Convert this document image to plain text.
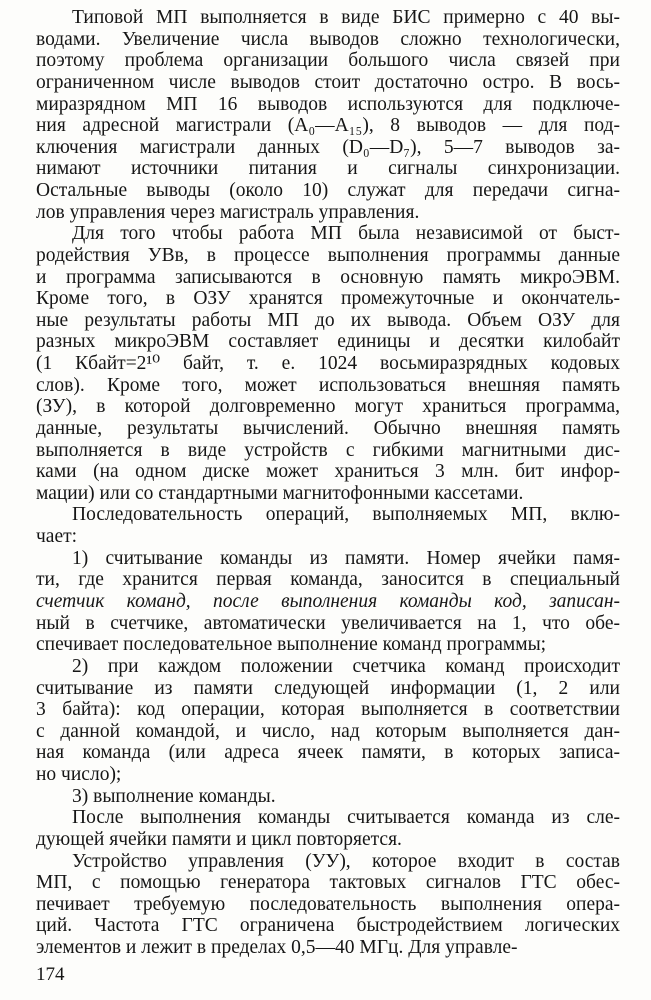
Типовой МП выполняется в виде БИС примерно с 40 вы-
водами. Увеличение числа выводов сложно технологически,
поэтому проблема организации большого числа связей при
ограниченном числе выводов стоит достаточно остро. В вось-
миразрядном МП 16 выводов используются для подключе-
ния адресной магистрали (A₀—A₁₅), 8 выводов — для под-
ключения магистрали данных (D₀—D₇), 5—7 выводов за-
нимают источники питания и сигналы синхронизации.
Остальные выводы (около 10) служат для передачи сигна-
лов управления через магистраль управления.
Для того чтобы работа МП была независимой от быст-
родействия УВв, в процессе выполнения программы данные
и программа записываются в основную память микроЭВМ.
Кроме того, в ОЗУ хранятся промежуточные и окончатель-
ные результаты работы МП до их вывода. Объем ОЗУ для
разных микроЭВМ составляет единицы и десятки килобайт
(1 Кбайт=2¹⁰ байт, т. е. 1024 восьмиразрядных кодовых
слов). Кроме того, может использоваться внешняя память
(ЗУ), в которой долговременно могут храниться программа,
данные, результаты вычислений. Обычно внешняя память
выполняется в виде устройств с гибкими магнитными дис-
ками (на одном диске может храниться 3 млн. бит инфор-
мации) или со стандартными магнитофонными кассетами.
Последовательность операций, выполняемых МП, вклю-
чает:
1) считывание команды из памяти. Номер ячейки памя-
ти, где хранится первая команда, заносится в специальный
счетчик команд, после выполнения команды код, записан-
ный в счетчике, автоматически увеличивается на 1, что обе-
спечивает последовательное выполнение команд программы;
2) при каждом положении счетчика команд происходит
считывание из памяти следующей информации (1, 2 или
3 байта): код операции, которая выполняется в соответствии
с данной командой, и число, над которым выполняется дан-
ная команда (или адреса ячеек памяти, в которых записа-
но число);
3) выполнение команды.
174
После выполнения команды считывается команда из сле-
дующей ячейки памяти и цикл повторяется.
Устройство управления (УУ), которое входит в состав
МП, с помощью генератора тактовых сигналов ГТС обес-
печивает требуемую последовательность выполнения опера-
ций. Частота ГТС ограничена быстродействием логических
элементов и лежит в пределах 0,5—40 МГц. Для управле-
